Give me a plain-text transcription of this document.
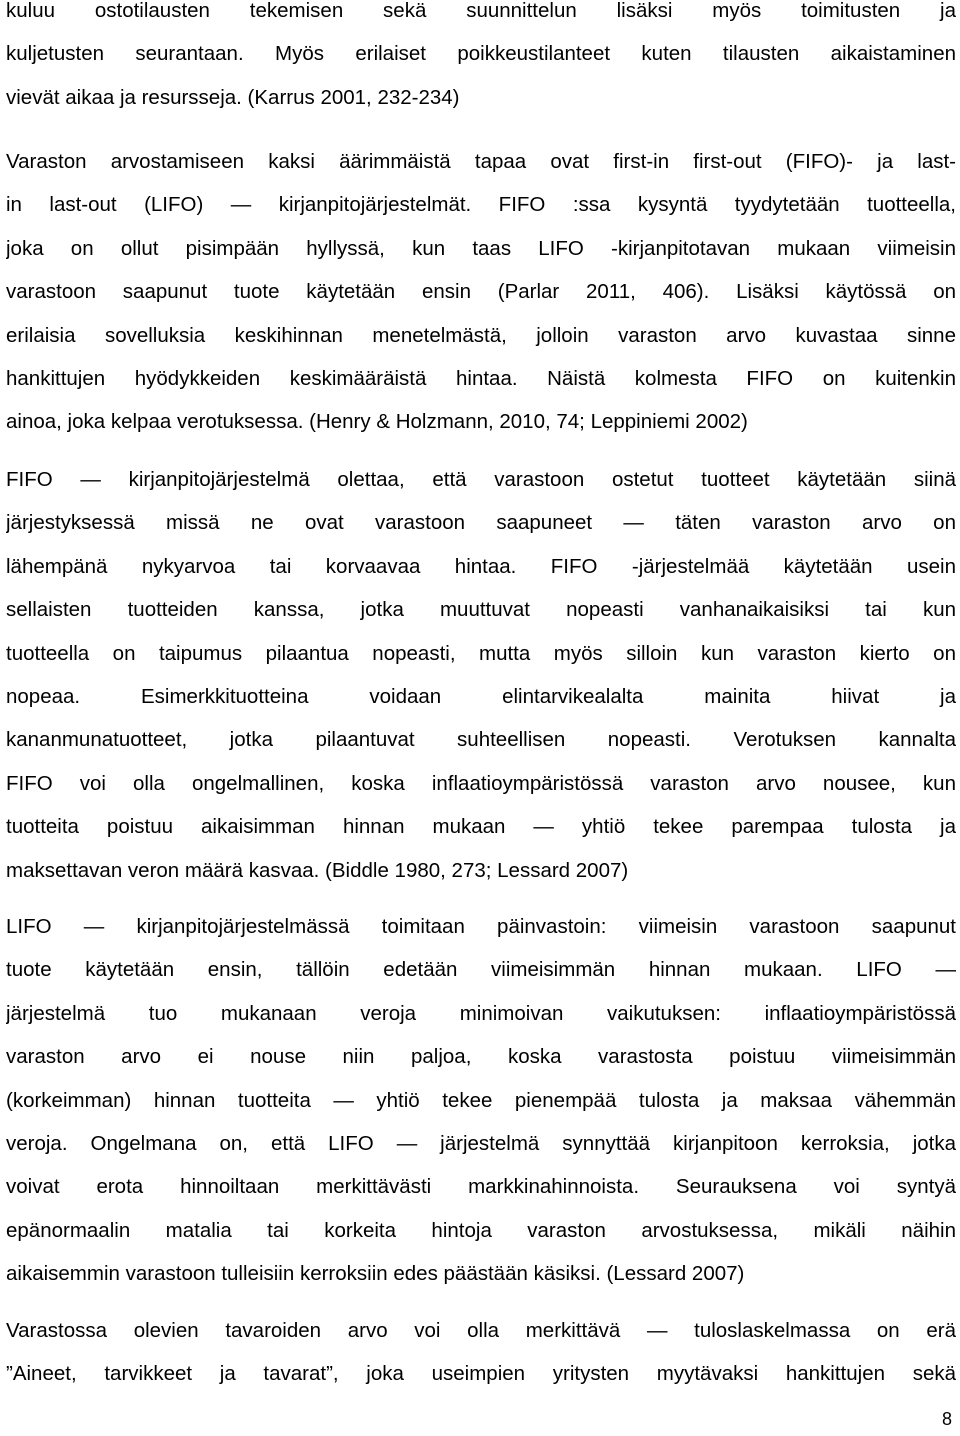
kuluu ostotilausten tekemisen sekä suunnittelun lisäksi myös toimitusten ja
kuljetusten seurantaan. Myös erilaiset poikkeustilanteet kuten tilausten aikaistaminen
vievät aikaa ja resursseja. (Karrus 2001, 232-234)
Varaston arvostamiseen kaksi äärimmäistä tapaa ovat first-in first-out (FIFO)- ja last-
in last-out (LIFO) — kirjanpitojärjestelmät. FIFO :ssa kysyntä tyydytetään tuotteella,
joka on ollut pisimpään hyllyssä, kun taas LIFO -kirjanpitotavan mukaan viimeisin
varastoon saapunut tuote käytetään ensin (Parlar 2011, 406). Lisäksi käytössä on
erilaisia sovelluksia keskihinnan menetelmästä, jolloin varaston arvo kuvastaa sinne
hankittujen hyödykkeiden keskimääräistä hintaa. Näistä kolmesta FIFO on kuitenkin
ainoa, joka kelpaa verotuksessa. (Henry & Holzmann, 2010, 74; Leppiniemi 2002)
FIFO — kirjanpitojärjestelmä olettaa, että varastoon ostetut tuotteet käytetään siinä
järjestyksessä missä ne ovat varastoon saapuneet — täten varaston arvo on
lähempänä nykyarvoa tai korvaavaa hintaa. FIFO -järjestelmää käytetään usein
sellaisten tuotteiden kanssa, jotka muuttuvat nopeasti vanhanaikaisiksi tai kun
tuotteella on taipumus pilaantua nopeasti, mutta myös silloin kun varaston kierto on
nopeaa. Esimerkkituotteina voidaan elintarvikealalta mainita hiivat ja
kananmunatuotteet, jotka pilaantuvat suhteellisen nopeasti. Verotuksen kannalta
FIFO voi olla ongelmallinen, koska inflaatioympäristössä varaston arvo nousee, kun
tuotteita poistuu aikaisimman hinnan mukaan — yhtiö tekee parempaa tulosta ja
maksettavan veron määrä kasvaa. (Biddle 1980, 273; Lessard 2007)
LIFO — kirjanpitojärjestelmässä toimitaan päinvastoin: viimeisin varastoon saapunut
tuote käytetään ensin, tällöin edetään viimeisimmän hinnan mukaan. LIFO —
järjestelmä tuo mukanaan veroja minimoivan vaikutuksen: inflaatioympäristössä
varaston arvo ei nouse niin paljoa, koska varastosta poistuu viimeisimmän
(korkeimman) hinnan tuotteita — yhtiö tekee pienempää tulosta ja maksaa vähemmän
veroja. Ongelmana on, että LIFO — järjestelmä synnyttää kirjanpitoon kerroksia, jotka
voivat erota hinnoiltaan merkittävästi markkinahinnoista. Seurauksena voi syntyä
epänormaalin matalia tai korkeita hintoja varaston arvostuksessa, mikäli näihin
aikaisemmin varastoon tulleisiin kerroksiin edes päästään käsiksi. (Lessard 2007)
Varastossa olevien tavaroiden arvo voi olla merkittävä — tuloslaskelmassa on erä
”Aineet, tarvikkeet ja tavarat”, joka useimpien yritysten myytävaksi hankittujen sekä
8
